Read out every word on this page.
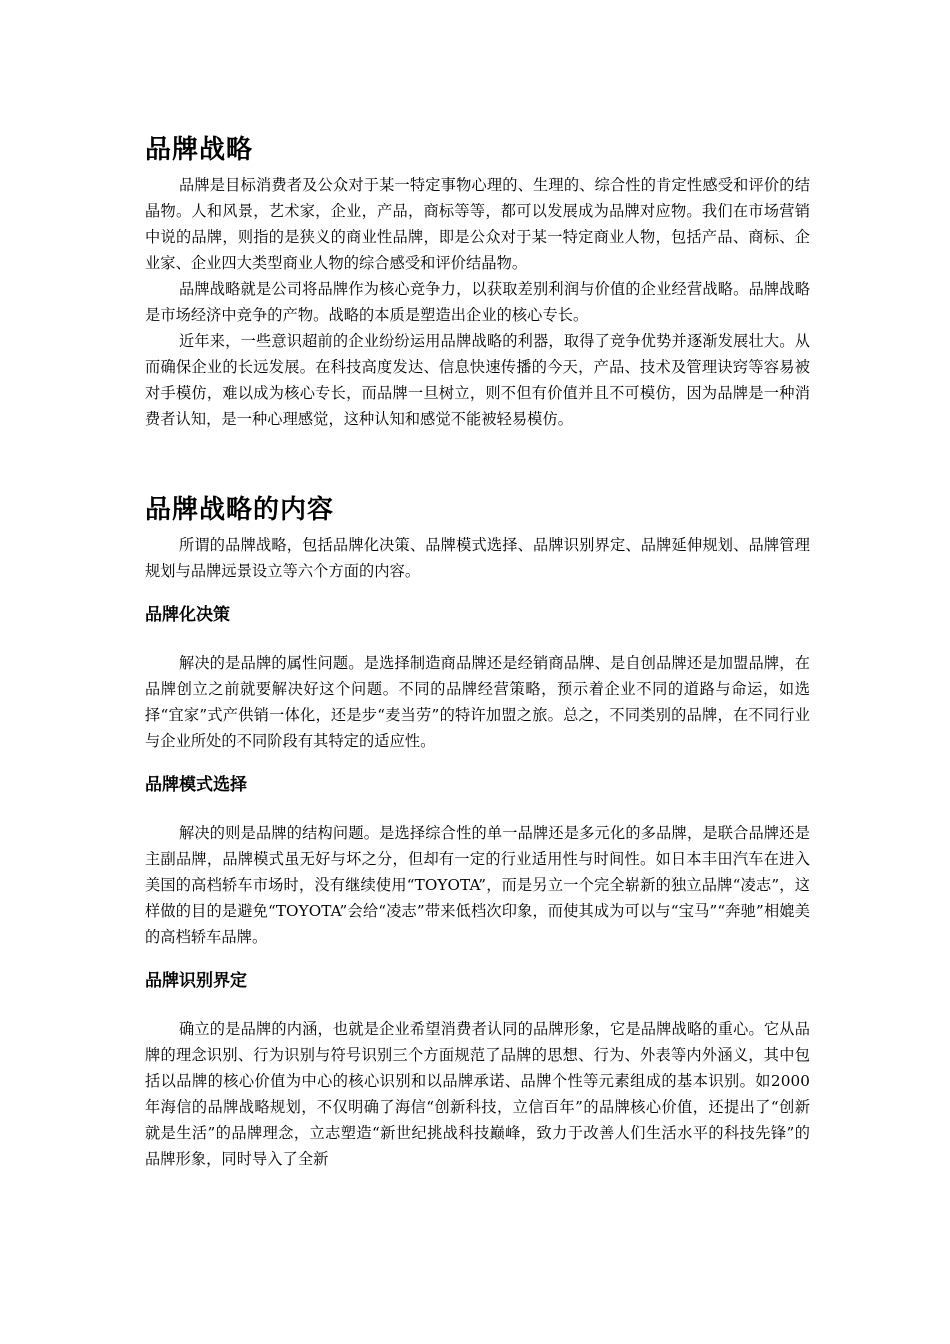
品牌战略

品牌是目标消费者及公众对于某一特定事物心理的、生理的、综合性的肯定性感受和评价的结晶物。人和风景，艺术家，企业，产品，商标等等，都可以发展成为品牌对应物。我们在市场营销中说的品牌，则指的是狭义的商业性品牌，即是公众对于某一特定商业人物，包括产品、商标、企业家、企业四大类型商业人物的综合感受和评价结晶物。

品牌战略就是公司将品牌作为核心竞争力，以获取差别利润与价值的企业经营战略。品牌战略是市场经济中竞争的产物。战略的本质是塑造出企业的核心专长。

近年来，一些意识超前的企业纷纷运用品牌战略的利器，取得了竞争优势并逐渐发展壮大。从而确保企业的长远发展。在科技高度发达、信息快速传播的今天，产品、技术及管理诀窍等容易被对手模仿，难以成为核心专长，而品牌一旦树立，则不但有价值并且不可模仿，因为品牌是一种消费者认知，是一种心理感觉，这种认知和感觉不能被轻易模仿。

品牌战略的内容

所谓的品牌战略，包括品牌化决策、品牌模式选择、品牌识别界定、品牌延伸规划、品牌管理规划与品牌远景设立等六个方面的内容。

品牌化决策

解决的是品牌的属性问题。是选择制造商品牌还是经销商品牌、是自创品牌还是加盟品牌，在品牌创立之前就要解决好这个问题。不同的品牌经营策略，预示着企业不同的道路与命运，如选择“宜家”式产供销一体化，还是步“麦当劳”的特许加盟之旅。总之，不同类别的品牌，在不同行业与企业所处的不同阶段有其特定的适应性。

品牌模式选择

解决的则是品牌的结构问题。是选择综合性的单一品牌还是多元化的多品牌，是联合品牌还是主副品牌，品牌模式虽无好与坏之分，但却有一定的行业适用性与时间性。如日本丰田汽车在进入美国的高档轿车市场时，没有继续使用“TOYOTA”，而是另立一个完全崭新的独立品牌“凌志”，这样做的目的是避免“TOYOTA”会给“凌志”带来低档次印象，而使其成为可以与“宝马”“奔驰”相媲美的高档轿车品牌。

品牌识别界定

确立的是品牌的内涵，也就是企业希望消费者认同的品牌形象，它是品牌战略的重心。它从品牌的理念识别、行为识别与符号识别三个方面规范了品牌的思想、行为、外表等内外涵义，其中包括以品牌的核心价值为中心的核心识别和以品牌承诺、品牌个性等元素组成的基本识别。如2000年海信的品牌战略规划，不仅明确了海信“创新科技，立信百年”的品牌核心价值，还提出了“创新就是生活”的品牌理念，立志塑造“新世纪挑战科技巅峰，致力于改善人们生活水平的科技先锋”的品牌形象，同时导入了全新
